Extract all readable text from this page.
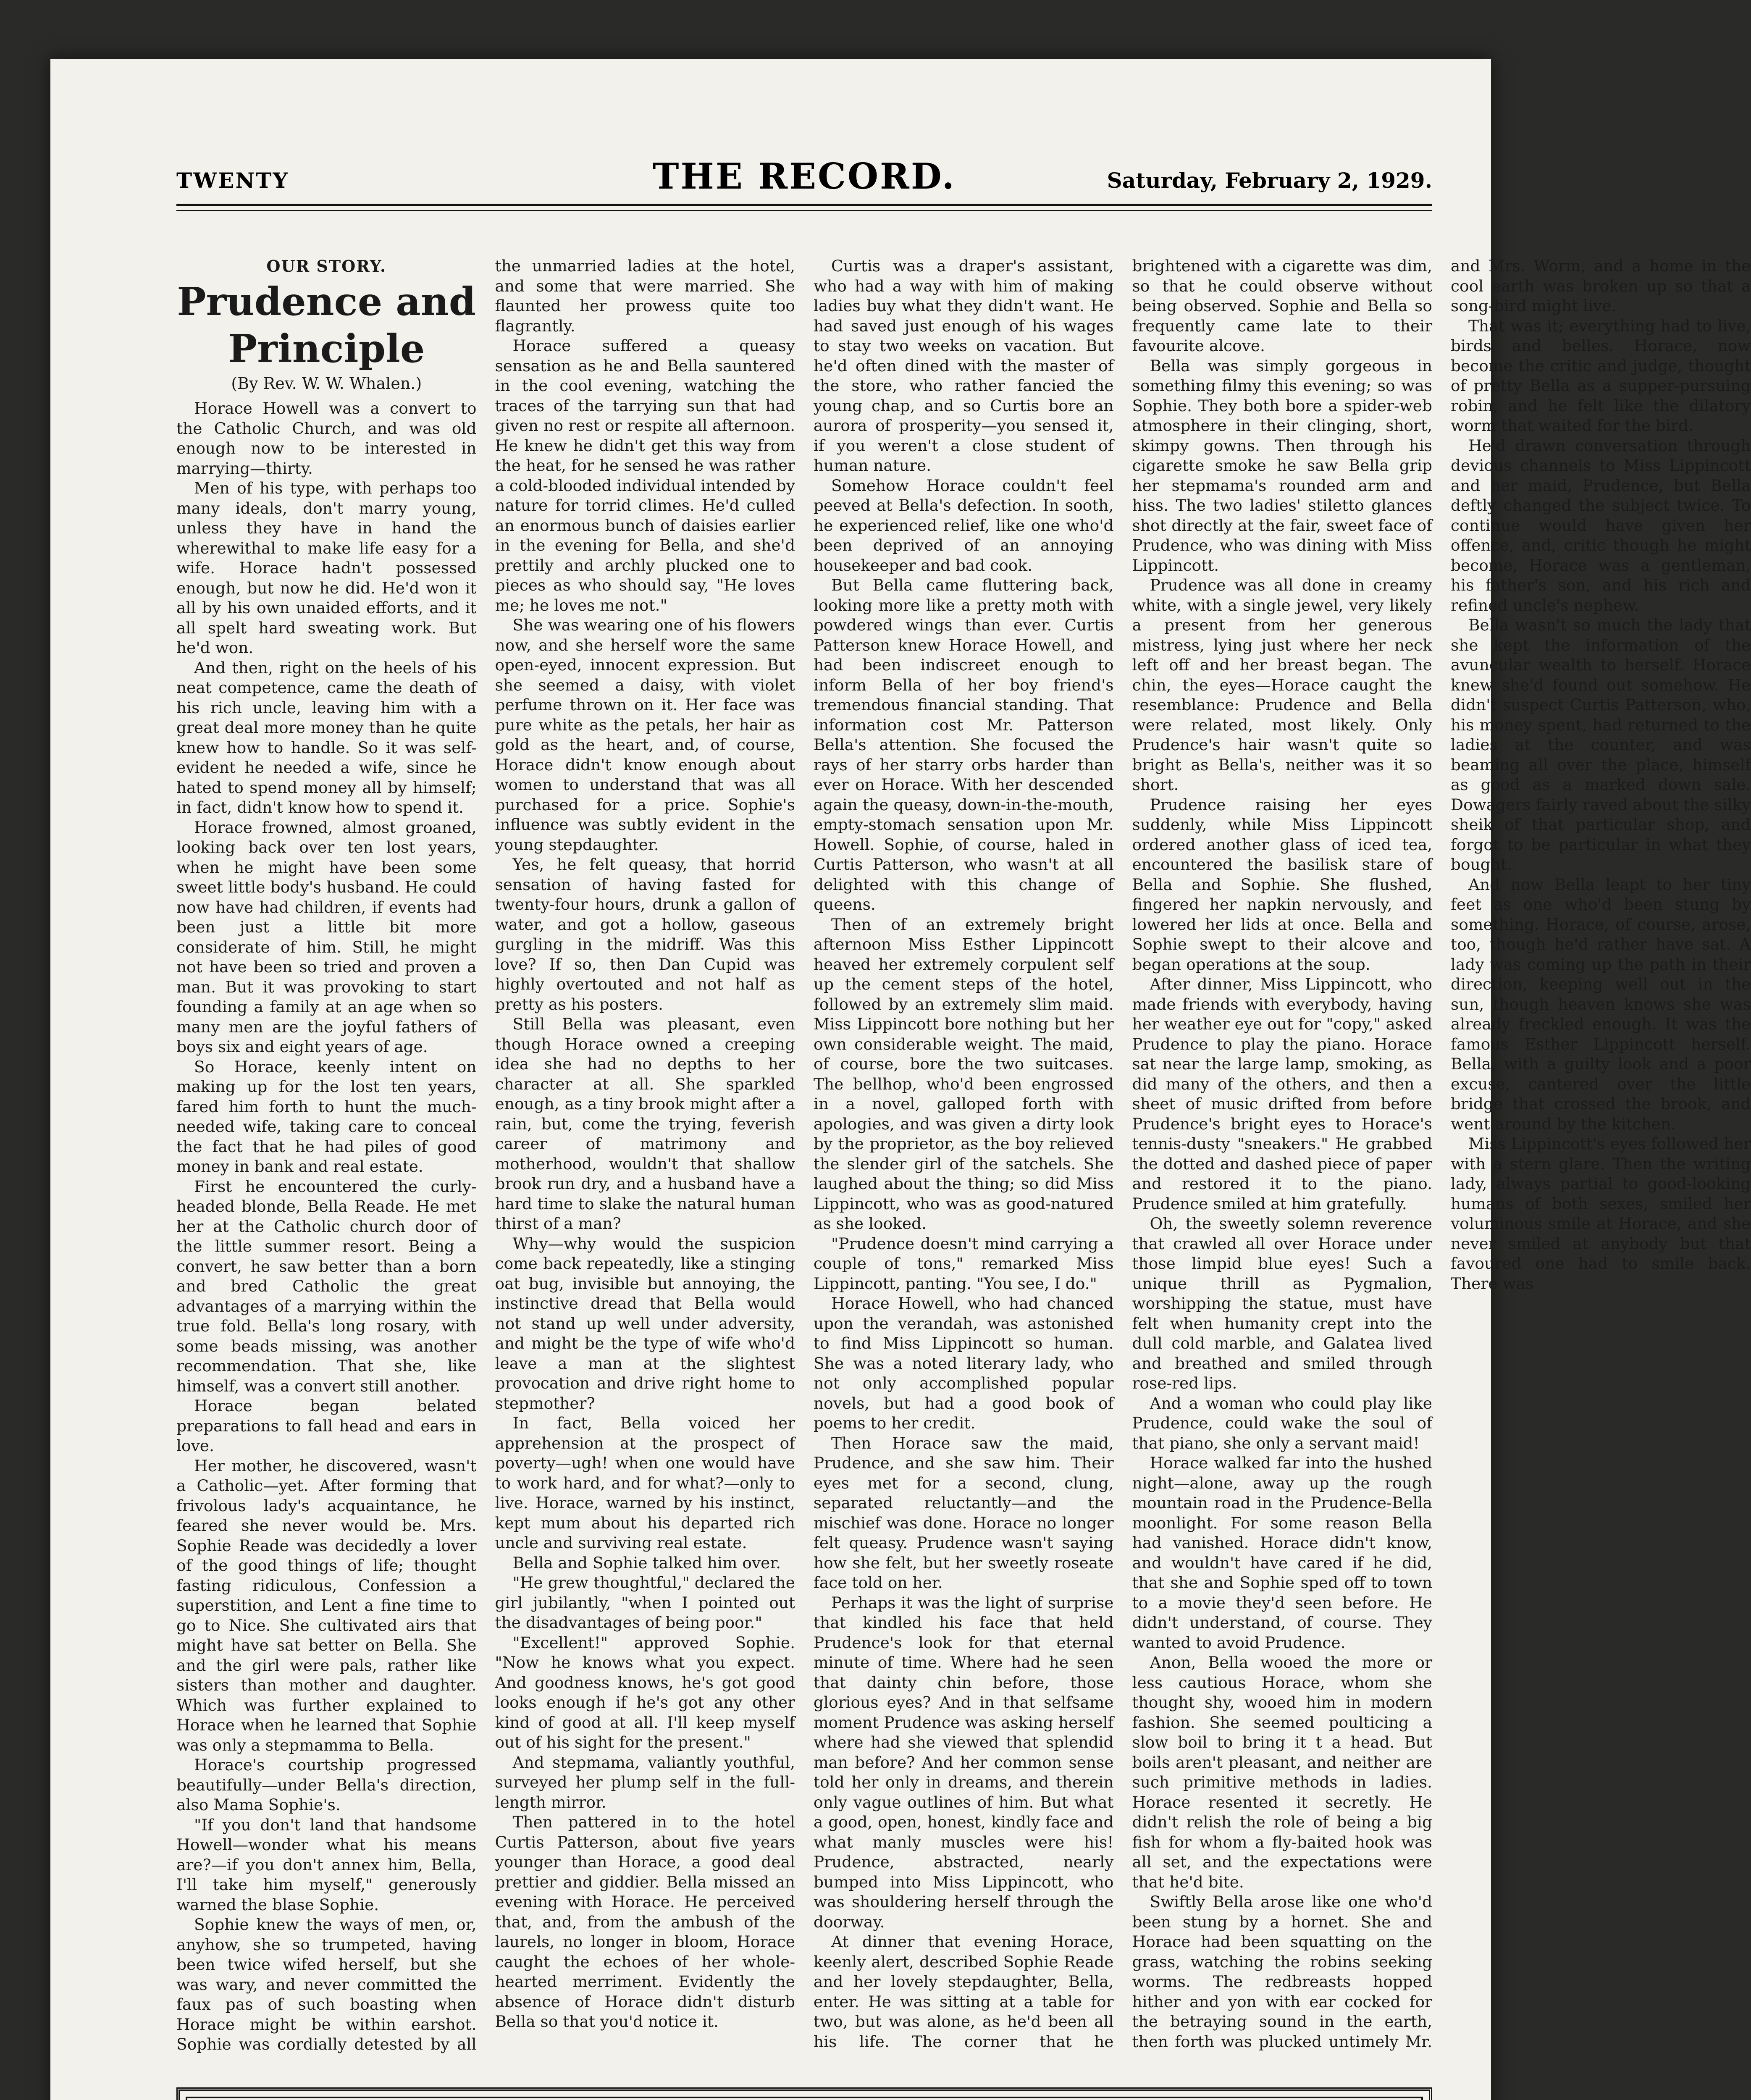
TWENTY	THE RECORD.	Saturday, February 2, 1929.
OUR STORY.
Prudence and Principle
(By Rev. W. W. Whalen.)

Horace Howell was a convert to the Catholic Church, and was old enough now to be interested in marrying—thirty.

Men of his type, with perhaps too many ideals, don't marry young, unless they have in hand the wherewithal to make life easy for a wife. Horace hadn't possessed enough, but now he did. He'd won it all by his own unaided efforts, and it all spelt hard sweating work. But he'd won.

And then, right on the heels of his neat competence, came the death of his rich uncle, leaving him with a great deal more money than he quite knew how to handle. So it was self-evident he needed a wife, since he hated to spend money all by himself; in fact, didn't know how to spend it.

Horace frowned, almost groaned, looking back over ten lost years, when he might have been some sweet little body's husband. He could now have had children, if events had been just a little bit more considerate of him. Still, he might not have been so tried and proven a man. But it was provoking to start founding a family at an age when so many men are the joyful fathers of boys six and eight years of age.

So Horace, keenly intent on making up for the lost ten years, fared him forth to hunt the much-needed wife, taking care to conceal the fact that he had piles of good money in bank and real estate.

First he encountered the curly-headed blonde, Bella Reade. He met her at the Catholic church door of the little summer resort. Being a convert, he saw better than a born and bred Catholic the great advantages of a marrying within the true fold. Bella's long rosary, with some beads missing, was another recommendation. That she, like himself, was a convert still another.

Horace began belated preparations to fall head and ears in love.

Her mother, he discovered, wasn't a Catholic—yet. After forming that frivolous lady's acquaintance, he feared she never would be. Mrs. Sophie Reade was decidedly a lover of the good things of life; thought fasting ridiculous, Confession a superstition, and Lent a fine time to go to Nice. She cultivated airs that might have sat better on Bella. She and the girl were pals, rather like sisters than mother and daughter. Which was further explained to Horace when he learned that Sophie was only a stepmamma to Bella.

Horace's courtship progressed beautifully—under Bella's direction, also Mama Sophie's.

"If you don't land that handsome Howell—wonder what his means are?—if you don't annex him, Bella, I'll take him myself," generously warned the blase Sophie.

Sophie knew the ways of men, or, anyhow, she so trumpeted, having been twice wifed herself, but she was wary, and never committed the faux pas of such boasting when Horace might be within earshot. Sophie was cordially detested by all the unmarried ladies at the hotel, and some that were married. She flaunted her prowess quite too flagrantly.

Horace suffered a queasy sensation as he and Bella sauntered in the cool evening, watching the traces of the tarrying sun that had given no rest or respite all afternoon. He knew he didn't get this way from the heat, for he sensed he was rather a cold-blooded individual intended by nature for torrid climes. He'd culled an enormous bunch of daisies earlier in the evening for Bella, and she'd prettily and archly plucked one to pieces as who should say, "He loves me; he loves me not."

She was wearing one of his flowers now, and she herself wore the same open-eyed, innocent expression. But she seemed a daisy, with violet perfume thrown on it. Her face was pure white as the petals, her hair as gold as the heart, and, of course, Horace didn't know enough about women to understand that was all purchased for a price. Sophie's influence was subtly evident in the young stepdaughter.

Yes, he felt queasy, that horrid sensation of having fasted for twenty-four hours, drunk a gallon of water, and got a hollow, gaseous gurgling in the midriff. Was this love? If so, then Dan Cupid was highly overtouted and not half as pretty as his posters.

Still Bella was pleasant, even though Horace owned a creeping idea she had no depths to her character at all. She sparkled enough, as a tiny brook might after a rain, but, come the trying, feverish career of matrimony and motherhood, wouldn't that shallow brook run dry, and a husband have a hard time to slake the natural human thirst of a man?

Why—why would the suspicion come back repeatedly, like a stinging oat bug, invisible but annoying, the instinctive dread that Bella would not stand up well under adversity, and might be the type of wife who'd leave a man at the slightest provocation and drive right home to stepmother?

In fact, Bella voiced her apprehension at the prospect of poverty—ugh! when one would have to work hard, and for what?—only to live. Horace, warned by his instinct, kept mum about his departed rich uncle and surviving real estate.

Bella and Sophie talked him over.

"He grew thoughtful," declared the girl jubilantly, "when I pointed out the disadvantages of being poor."

"Excellent!" approved Sophie. "Now he knows what you expect. And goodness knows, he's got good looks enough if he's got any other kind of good at all. I'll keep myself out of his sight for the present."

And stepmama, valiantly youthful, surveyed her plump self in the full-length mirror.

Then pattered in to the hotel Curtis Patterson, about five years younger than Horace, a good deal prettier and giddier. Bella missed an evening with Horace. He perceived that, and, from the ambush of the laurels, no longer in bloom, Horace caught the echoes of her whole-hearted merriment. Evidently the absence of Horace didn't disturb Bella so that you'd notice it.

Curtis was a draper's assistant, who had a way with him of making ladies buy what they didn't want. He had saved just enough of his wages to stay two weeks on vacation. But he'd often dined with the master of the store, who rather fancied the young chap, and so Curtis bore an aurora of prosperity—you sensed it, if you weren't a close student of human nature.

Somehow Horace couldn't feel peeved at Bella's defection. In sooth, he experienced relief, like one who'd been deprived of an annoying housekeeper and bad cook.

But Bella came fluttering back, looking more like a pretty moth with powdered wings than ever. Curtis Patterson knew Horace Howell, and had been indiscreet enough to inform Bella of her boy friend's tremendous financial standing. That information cost Mr. Patterson Bella's attention. She focused the rays of her starry orbs harder than ever on Horace. With her descended again the queasy, down-in-the-mouth, empty-stomach sensation upon Mr. Howell. Sophie, of course, haled in Curtis Patterson, who wasn't at all delighted with this change of queens.

Then of an extremely bright afternoon Miss Esther Lippincott heaved her extremely corpulent self up the cement steps of the hotel, followed by an extremely slim maid. Miss Lippincott bore nothing but her own considerable weight. The maid, of course, bore the two suitcases. The bellhop, who'd been engrossed in a novel, galloped forth with apologies, and was given a dirty look by the proprietor, as the boy relieved the slender girl of the satchels. She laughed about the thing; so did Miss Lippincott, who was as good-natured as she looked.

"Prudence doesn't mind carrying a couple of tons," remarked Miss Lippincott, panting. "You see, I do."

Horace Howell, who had chanced upon the verandah, was astonished to find Miss Lippincott so human. She was a noted literary lady, who not only accomplished popular novels, but had a good book of poems to her credit.

Then Horace saw the maid, Prudence, and she saw him. Their eyes met for a second, clung, separated reluctantly—and the mischief was done. Horace no longer felt queasy. Prudence wasn't saying how she felt, but her sweetly roseate face told on her.

Perhaps it was the light of surprise that kindled his face that held Prudence's look for that eternal minute of time. Where had he seen that dainty chin before, those glorious eyes? And in that selfsame moment Prudence was asking herself where had she viewed that splendid man before? And her common sense told her only in dreams, and therein only vague outlines of him. But what a good, open, honest, kindly face and what manly muscles were his! Prudence, abstracted, nearly bumped into Miss Lippincott, who was shouldering herself through the doorway.

At dinner that evening Horace, keenly alert, described Sophie Reade and her lovely stepdaughter, Bella, enter. He was sitting at a table for two, but was alone, as he'd been all his life. The corner that he brightened with a cigarette was dim, so that he could observe without being observed. Sophie and Bella so frequently came late to their favourite alcove.

Bella was simply gorgeous in something filmy this evening; so was Sophie. They both bore a spider-web atmosphere in their clinging, short, skimpy gowns. Then through his cigarette smoke he saw Bella grip her stepmama's rounded arm and hiss. The two ladies' stiletto glances shot directly at the fair, sweet face of Prudence, who was dining with Miss Lippincott.

Prudence was all done in creamy white, with a single jewel, very likely a present from her generous mistress, lying just where her neck left off and her breast began. The chin, the eyes—Horace caught the resemblance: Prudence and Bella were related, most likely. Only Prudence's hair wasn't quite so bright as Bella's, neither was it so short.

Prudence raising her eyes suddenly, while Miss Lippincott ordered another glass of iced tea, encountered the basilisk stare of Bella and Sophie. She flushed, fingered her napkin nervously, and lowered her lids at once. Bella and Sophie swept to their alcove and began operations at the soup.

After dinner, Miss Lippincott, who made friends with everybody, having her weather eye out for "copy," asked Prudence to play the piano. Horace sat near the large lamp, smoking, as did many of the others, and then a sheet of music drifted from before Prudence's bright eyes to Horace's tennis-dusty "sneakers." He grabbed the dotted and dashed piece of paper and restored it to the piano. Prudence smiled at him gratefully.

Oh, the sweetly solemn reverence that crawled all over Horace under those limpid blue eyes! Such a unique thrill as Pygmalion, worshipping the statue, must have felt when humanity crept into the dull cold marble, and Galatea lived and breathed and smiled through rose-red lips.

And a woman who could play like Prudence, could wake the soul of that piano, she only a servant maid!

Horace walked far into the hushed night—alone, away up the rough mountain road in the Prudence-Bella moonlight. For some reason Bella had vanished. Horace didn't know, and wouldn't have cared if he did, that she and Sophie sped off to town to a movie they'd seen before. He didn't understand, of course. They wanted to avoid Prudence.

Anon, Bella wooed the more or less cautious Horace, whom she thought shy, wooed him in modern fashion. She seemed poulticing a slow boil to bring it t a head. But boils aren't pleasant, and neither are such primitive methods in ladies. Horace resented it secretly. He didn't relish the role of being a big fish for whom a fly-baited hook was all set, and the expectations were that he'd bite.

Swiftly Bella arose like one who'd been stung by a hornet. She and Horace had been squatting on the grass, watching the robins seeking worms. The redbreasts hopped hither and yon with ear cocked for the betraying sound in the earth, then forth was plucked untimely Mr. and Mrs. Worm, and a home in the cool earth was broken up so that a song-bird might live.

That was it; everything had to live, birds and belles. Horace, now become the critic and judge, thought of pretty Bella as a supper-pursuing robin, and he felt like the dilatory worm that waited for the bird.

He'd drawn conversation through devious channels to Miss Lippincott and her maid, Prudence, but Bella deftly changed the subject twice. To continue would have given her offence, and, critic though he might become, Horace was a gentleman, his father's son, and his rich and refined uncle's nephew.

Bella wasn't so much the lady that she kept the information of the avuncular wealth to herself. Horace knew she'd found out somehow. He didn't suspect Curtis Patterson, who, his money spent, had returned to the ladies at the counter, and was beaming all over the place, himself as good as a marked down sale. Dowagers fairly raved about the silky sheik of that particular shop, and forgot to be particular in what they bought.

And now Bella leapt to her tiny feet as one who'd been stung by something. Horace, of course, arose, too, though he'd rather have sat. A lady was coming up the path in their direction, keeping well out in the sun, though heaven knows she was already freckled enough. It was the famous Esther Lippincott herself. Bella, with a guilty look and a poor excuse, cantered over the little bridge that crossed the brook, and went around by the kitchen.

Miss Lippincott's eyes followed her with a stern glare. Then the writing lady, always partial to good-looking humans of both sexes, smiled her voluminous smile at Horace, and she never smiled at anybody but that favoured one had to smile back. There was
